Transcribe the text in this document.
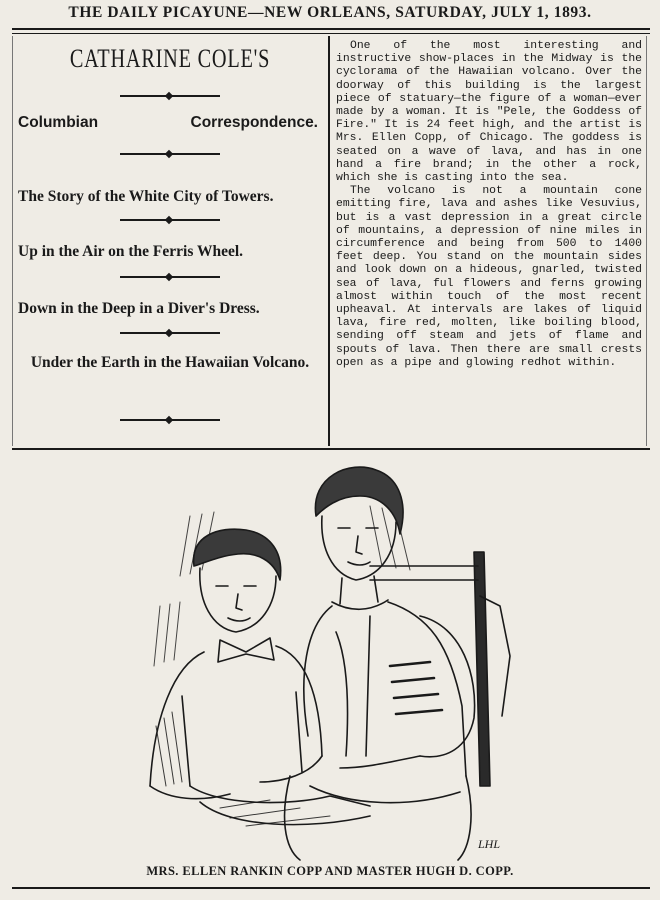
THE DAILY PICAYUNE—NEW ORLEANS, SATURDAY, JULY 1, 1893.
CATHARINE COLE'S
Columbian	Correspondence.
The Story of the White City of Towers.
Up in the Air on the Ferris Wheel.
Down in the Deep in a Diver's Dress.
Under the Earth in the Hawaiian Volcano.

One of the most interesting and instructive show-places in the Midway is the cyclorama of the Hawaiian volcano. Over the doorway of this building is the largest piece of statuary—the figure of a woman—ever made by a woman. It is "Pele, the Goddess of Fire." It is 24 feet high, and the artist is Mrs. Ellen Copp, of Chicago. The goddess is seated on a wave of lava, and has in one hand a fire brand; in the other a rock, which she is casting into the sea.

The volcano is not a mountain cone emitting fire, lava and ashes like Vesuvius, but is a vast depression in a great circle of mountains, a depression of nine miles in circumference and being from 500 to 1400 feet deep. You stand on the mountain sides and look down on a hideous, gnarled, twisted sea of lava, ful flowers and ferns growing almost within touch of the most recent upheaval. At intervals are lakes of liquid lava, fire red, molten, like boiling blood, sending off steam and jets of flame and spouts of lava. Then there are small crests open as a pipe and glowing redhot within.

LHL
MRS. ELLEN RANKIN COPP AND MASTER HUGH D. COPP.
